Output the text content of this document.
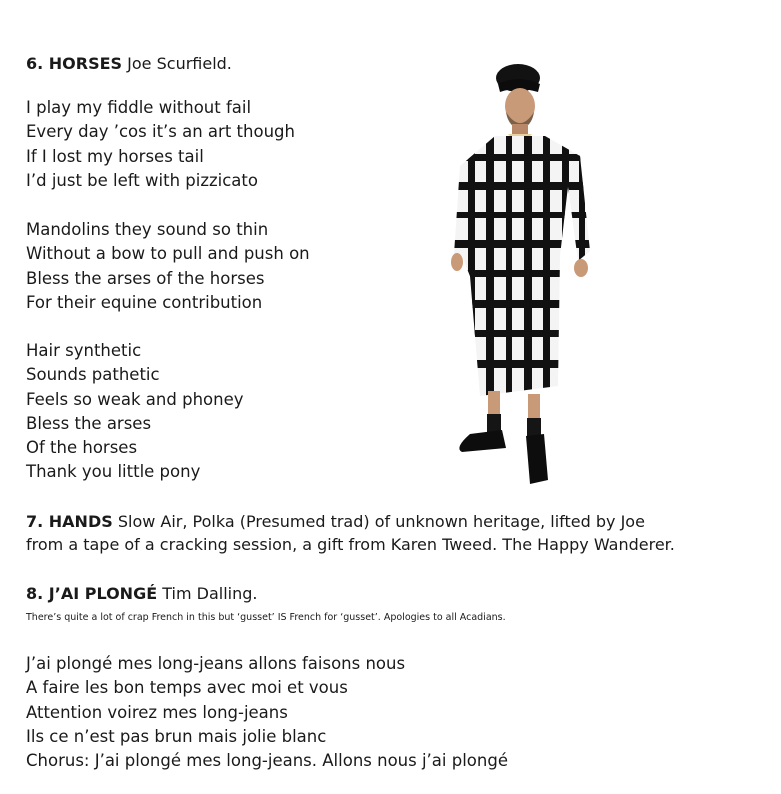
6. HORSES Joe Scurfield.
I play my fiddle without fail
Every day ’cos it’s an art though
If I lost my horses tail
I’d just be left with pizzicato
Mandolins they sound so thin
Without a bow to pull and push on
Bless the arses of the horses
For their equine contribution
Hair synthetic
Sounds pathetic
Feels so weak and phoney
Bless the arses
Of the horses
Thank you little pony
7. HANDS Slow Air, Polka (Presumed trad) of unknown heritage, lifted by Joe
from a tape of a cracking session, a gift from Karen Tweed. The Happy Wanderer.
8. J’AI PLONGÉ Tim Dalling.
There’s quite a lot of crap French in this but ‘gusset’ IS French for ‘gusset’. Apologies to all Acadians.
J’ai plongé mes long-jeans allons faisons nous
A faire les bon temps avec moi et vous
Attention voirez mes long-jeans
Ils ce n’est pas brun mais jolie blanc
Chorus: J’ai plongé mes long-jeans. Allons nous j’ai plongé
